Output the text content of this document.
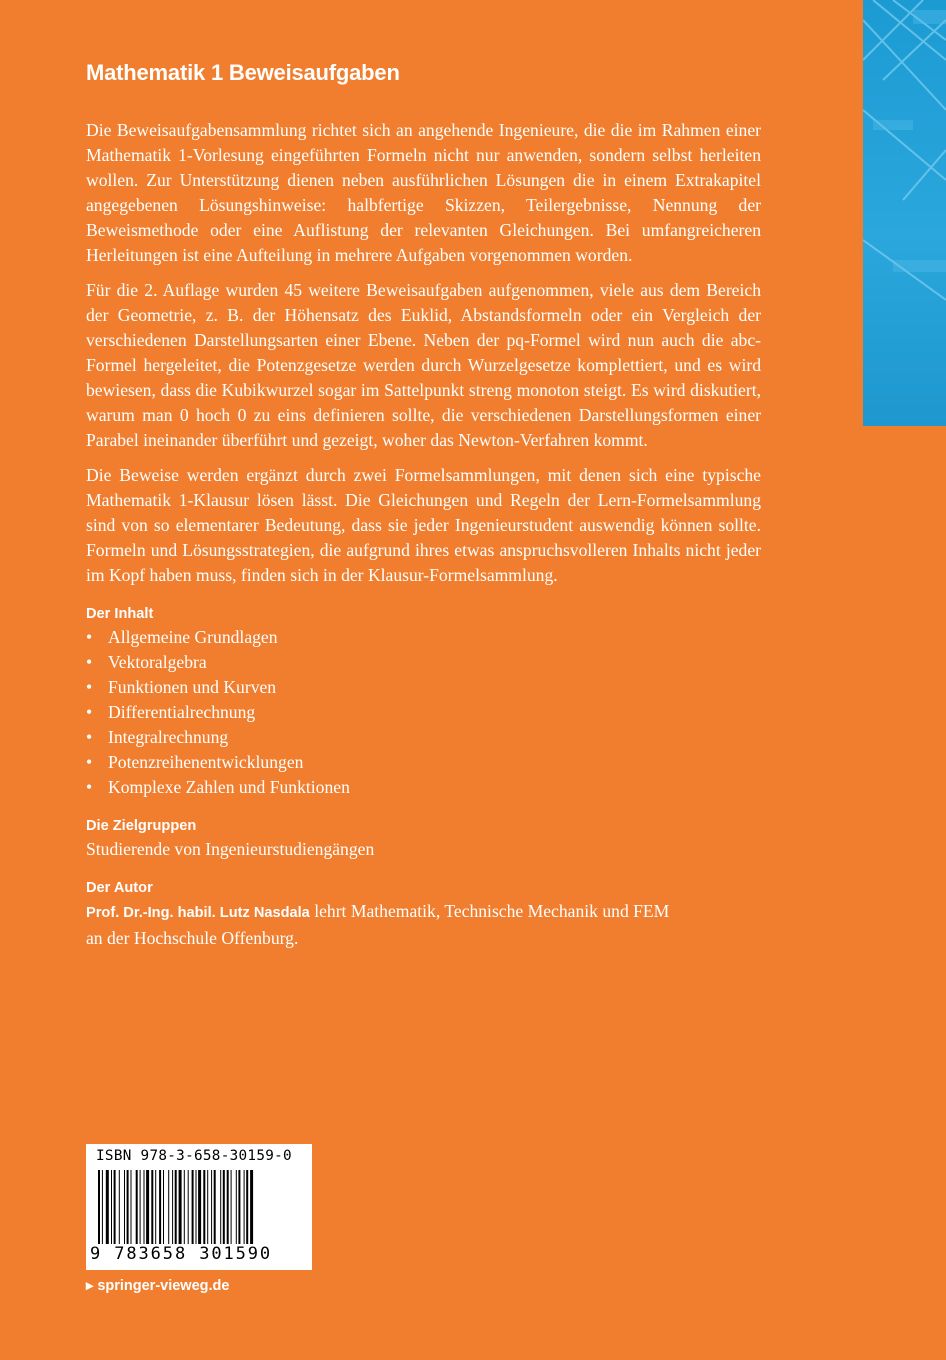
Mathematik 1 Beweisaufgaben

Die Beweisaufgabensammlung richtet sich an angehende Ingenieure, die die im Rahmen einer Mathematik 1-Vorlesung eingeführten Formeln nicht nur anwenden, sondern selbst herleiten wollen. Zur Unterstützung dienen neben ausführlichen Lösungen die in einem Extrakapitel angegebenen Lösungshinweise: halbfertige Skizzen, Teilergebnisse, Nennung der Beweismethode oder eine Auflistung der relevanten Gleichungen. Bei umfangreicheren Herleitungen ist eine Aufteilung in mehrere Aufgaben vorgenommen worden.

Für die 2. Auflage wurden 45 weitere Beweisaufgaben aufgenommen, viele aus dem Bereich der Geometrie, z. B. der Höhensatz des Euklid, Abstandsformeln oder ein Vergleich der verschiedenen Darstellungsarten einer Ebene. Neben der pq-Formel wird nun auch die abc-Formel hergeleitet, die Potenzgesetze werden durch Wurzelgesetze komplettiert, und es wird bewiesen, dass die Kubikwurzel sogar im Sattelpunkt streng monoton steigt. Es wird diskutiert, warum man 0 hoch 0 zu eins definieren sollte, die verschiedenen Darstellungsformen einer Parabel ineinander überführt und gezeigt, woher das Newton-Verfahren kommt.

Die Beweise werden ergänzt durch zwei Formelsammlungen, mit denen sich eine typische Mathematik 1-Klausur lösen lässt. Die Gleichungen und Regeln der Lern-Formelsammlung sind von so elementarer Bedeutung, dass sie jeder Ingenieurstudent auswendig können sollte. Formeln und Lösungsstrategien, die aufgrund ihres etwas anspruchsvolleren Inhalts nicht jeder im Kopf haben muss, finden sich in der Klausur-Formelsammlung.

Der Inhalt
• Allgemeine Grundlagen
• Vektoralgebra
• Funktionen und Kurven
• Differentialrechnung
• Integralrechnung
• Potenzreihenentwicklungen
• Komplexe Zahlen und Funktionen
Die Zielgruppen
Studierende von Ingenieurstudiengängen
Der Autor
Prof. Dr.-Ing. habil. Lutz Nasdala lehrt Mathematik, Technische Mechanik und FEM
an der Hochschule Offenburg.
ISBN 978-3-658-30159-0
9 783658 301590
▸ springer-vieweg.de
